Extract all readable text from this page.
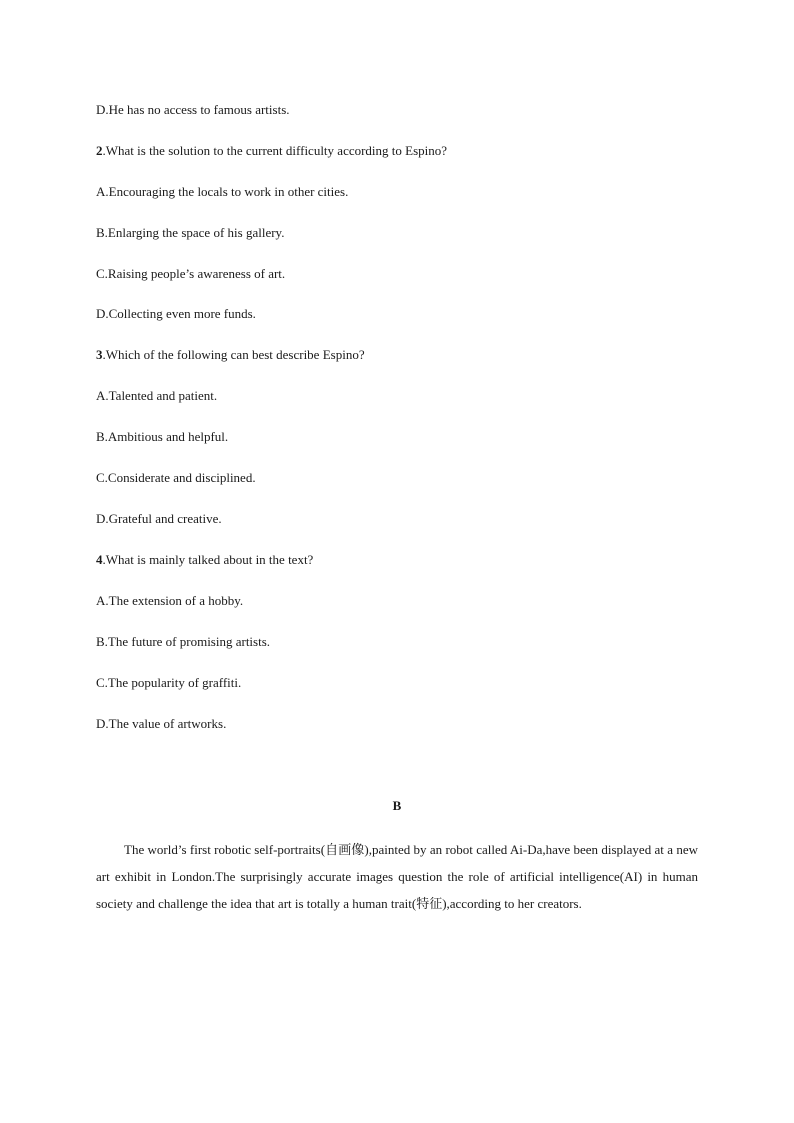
D.He has no access to famous artists.
2.What is the solution to the current difficulty according to Espino?
A.Encouraging the locals to work in other cities.
B.Enlarging the space of his gallery.
C.Raising people’s awareness of art.
D.Collecting even more funds.
3.Which of the following can best describe Espino?
A.Talented and patient.
B.Ambitious and helpful.
C.Considerate and disciplined.
D.Grateful and creative.
4.What is mainly talked about in the text?
A.The extension of a hobby.
B.The future of promising artists.
C.The popularity of graffiti.
D.The value of artworks.
B
The world’s first robotic self-portraits(自画像),painted by an robot called Ai-Da,have been displayed at a new art exhibit in London.The surprisingly accurate images question the role of artificial intelligence(AI) in human society and challenge the idea that art is totally a human trait(特征),according to her creators.
